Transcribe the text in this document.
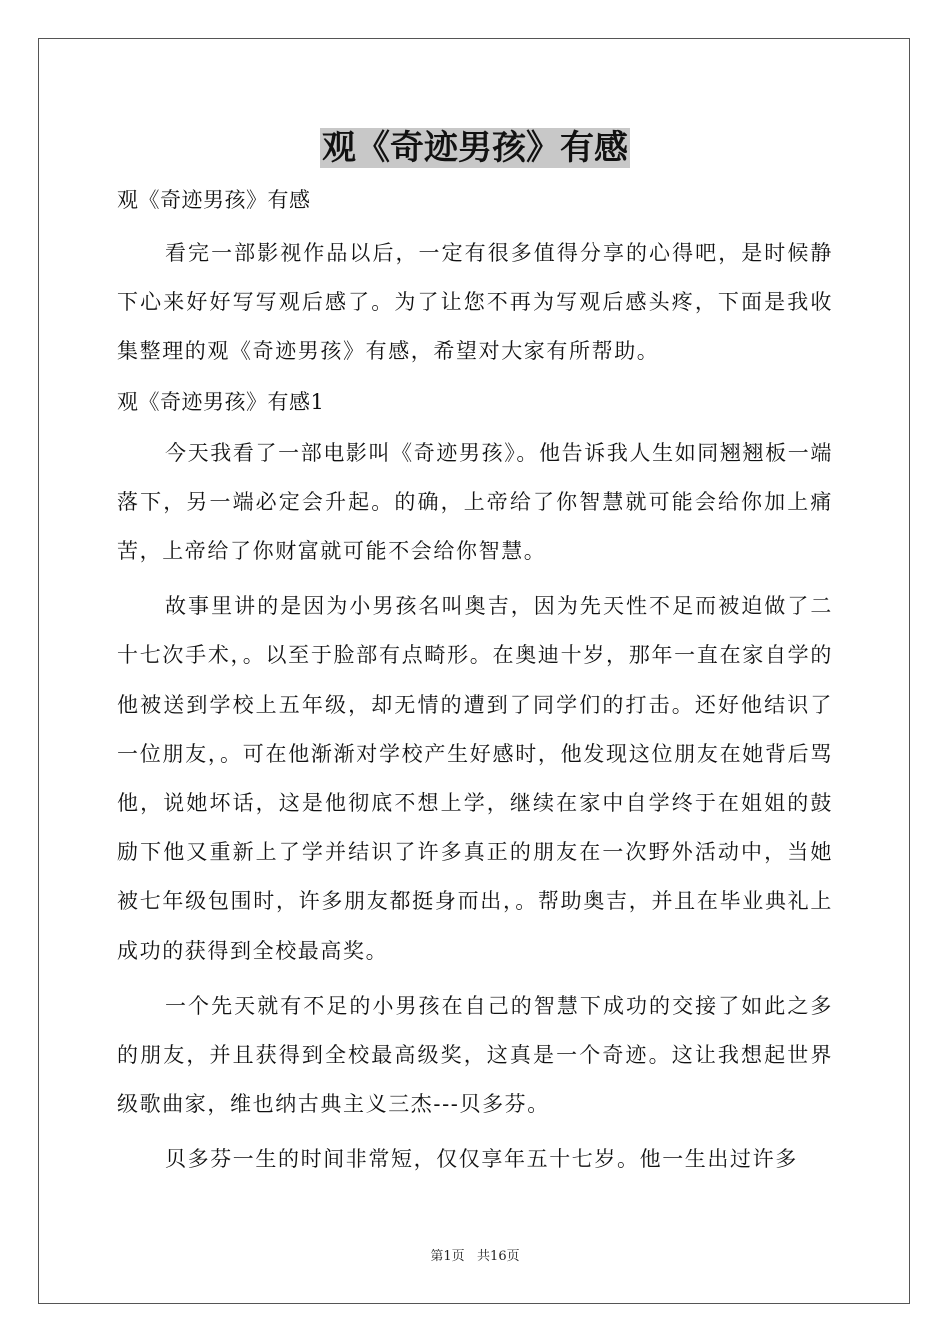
观《奇迹男孩》有感

观《奇迹男孩》有感

看完一部影视作品以后，一定有很多值得分享的心得吧，是时候静下心来好好写写观后感了。为了让您不再为写观后感头疼，下面是我收集整理的观《奇迹男孩》有感，希望对大家有所帮助。

观《奇迹男孩》有感1

今天我看了一部电影叫《奇迹男孩》。他告诉我人生如同翘翘板一端落下，另一端必定会升起。的确，上帝给了你智慧就可能会给你加上痛苦，上帝给了你财富就可能不会给你智慧。

故事里讲的是因为小男孩名叫奥吉，因为先天性不足而被迫做了二十七次手术，。以至于脸部有点畸形。在奥迪十岁，那年一直在家自学的他被送到学校上五年级，却无情的遭到了同学们的打击。还好他结识了一位朋友，。可在他渐渐对学校产生好感时，他发现这位朋友在她背后骂他，说她坏话，这是他彻底不想上学，继续在家中自学终于在姐姐的鼓励下他又重新上了学并结识了许多真正的朋友在一次野外活动中，当她被七年级包围时，许多朋友都挺身而出，。帮助奥吉，并且在毕业典礼上成功的获得到全校最高奖。

一个先天就有不足的小男孩在自己的智慧下成功的交接了如此之多的朋友，并且获得到全校最高级奖，这真是一个奇迹。这让我想起世界级歌曲家，维也纳古典主义三杰---贝多芬。

贝多芬一生的时间非常短，仅仅享年五十七岁。他一生出过许多

第1页   共16页
